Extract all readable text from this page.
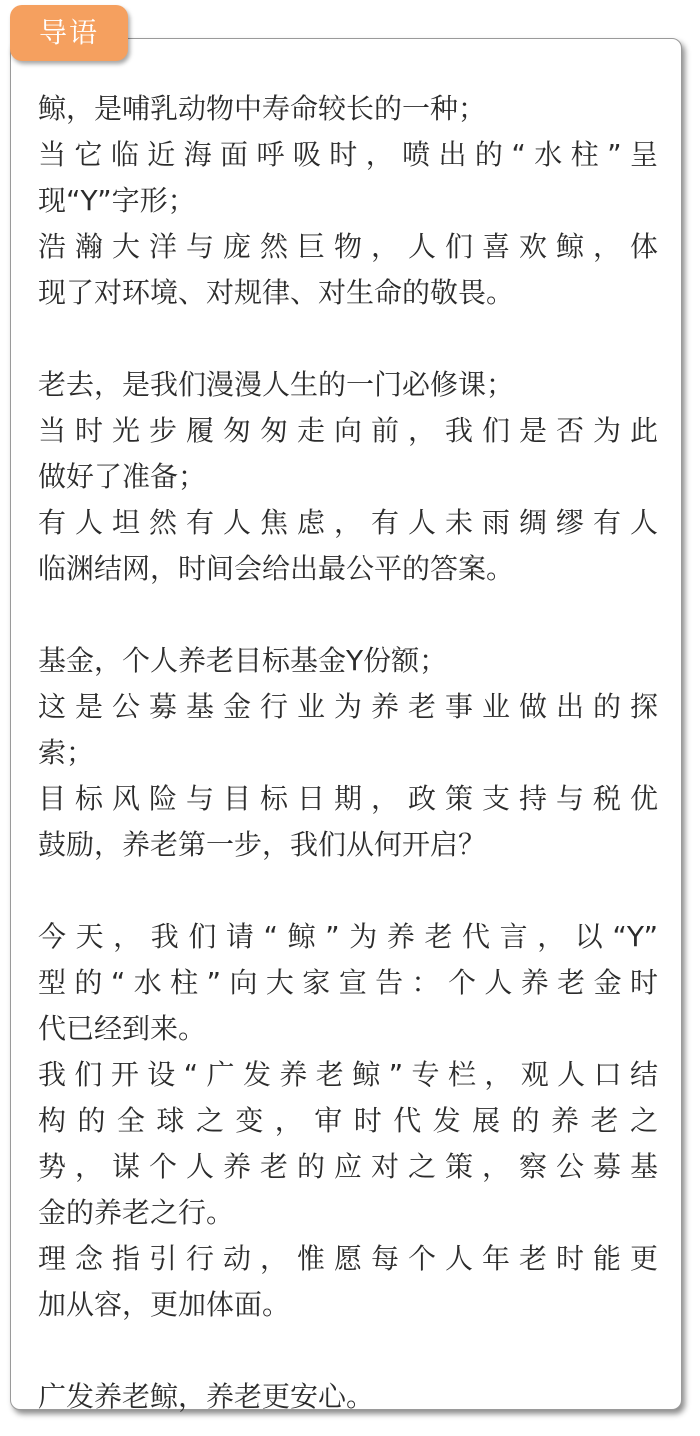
导语
鲸，是哺乳动物中寿命较长的一种；
当它临近海面呼吸时，喷出的“水柱”呈
现“Y”字形；
浩瀚大洋与庞然巨物，人们喜欢鲸，体
现了对环境、对规律、对生命的敬畏。
老去，是我们漫漫人生的一门必修课；
当时光步履匆匆走向前，我们是否为此
做好了准备；
有人坦然有人焦虑，有人未雨绸缪有人
临渊结网，时间会给出最公平的答案。
基金，个人养老目标基金Y份额；
这是公募基金行业为养老事业做出的探
索；
目标风险与目标日期，政策支持与税优
鼓励，养老第一步，我们从何开启？
今天，我们请“鲸”为养老代言，以“Y”
型的“水柱”向大家宣告：个人养老金时
代已经到来。
我们开设“广发养老鲸”专栏，观人口结
构的全球之变，审时代发展的养老之
势，谋个人养老的应对之策，察公募基
金的养老之行。
理念指引行动，惟愿每个人年老时能更
加从容，更加体面。
广发养老鲸，养老更安心。
